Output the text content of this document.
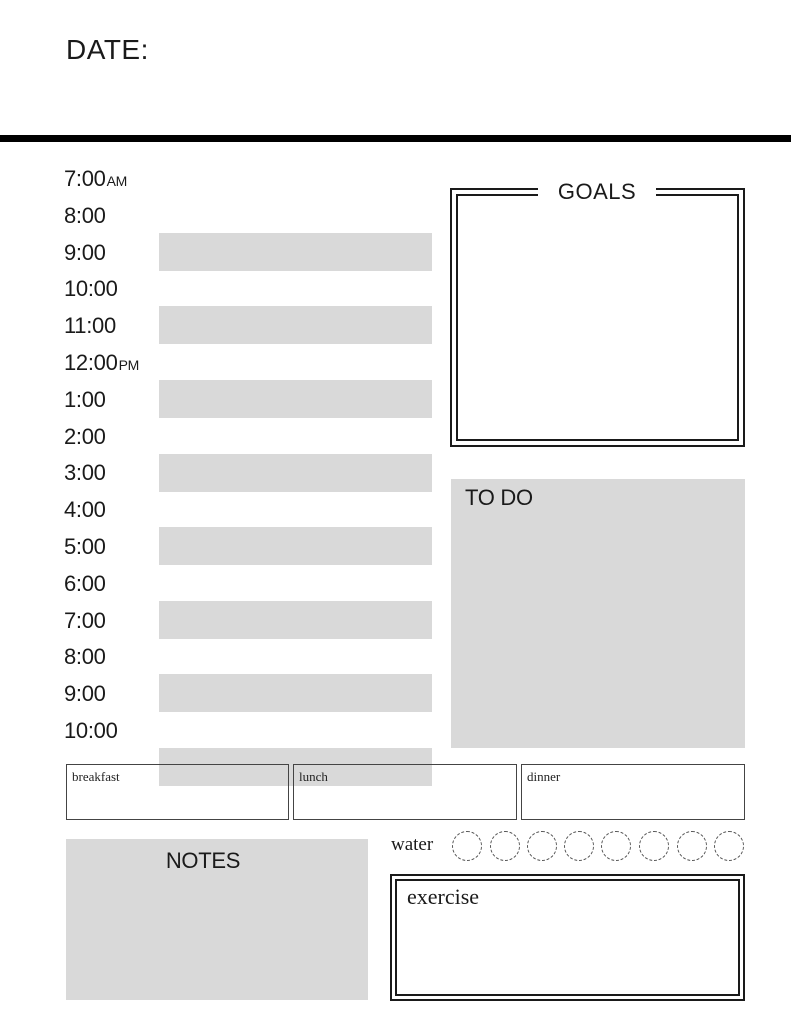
DATE:
7:00AM
8:00
9:00
10:00
11:00
12:00PM
1:00
2:00
3:00
4:00
5:00
6:00
7:00
8:00
9:00
10:00
GOALS
TO DO
breakfast	lunch	dinner
NOTES
water
exercise
